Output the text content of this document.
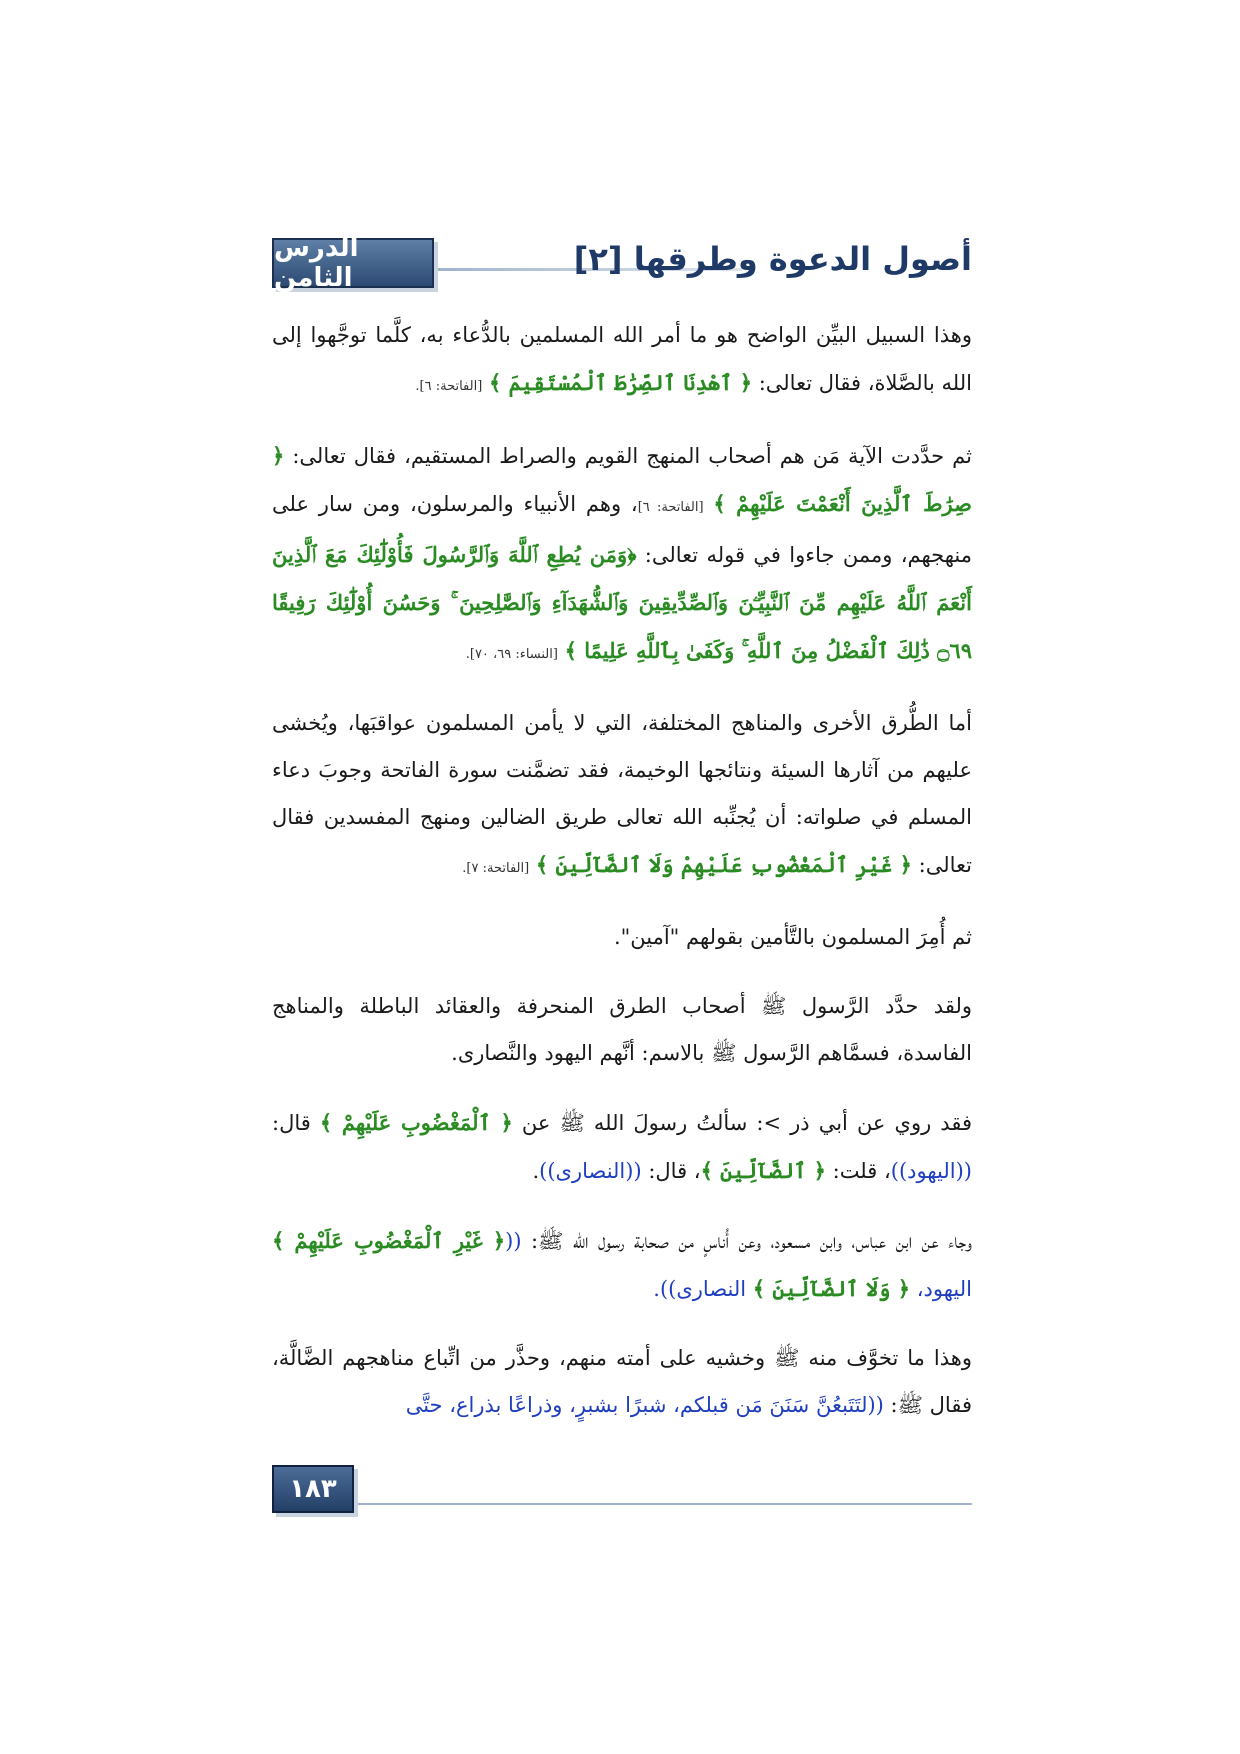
الدرس الثامن	أصول الدعوة وطرقها [٢]

وهذا السبيل البيِّن الواضح هو ما أمر الله المسلمين بالدُّعاء به، كلَّما توجَّهوا إلى الله بالصَّلاة، فقال تعالى: ﴿ ٱهْدِنَا ٱلصِّرَٰطَ ٱلْمُسْتَقِيمَ ﴾ [الفاتحة: ٦].

ثم حدَّدت الآية مَن هم أصحاب المنهج القويم والصراط المستقيم، فقال تعالى: ﴿ صِرَٰطَ ٱلَّذِينَ أَنْعَمْتَ عَلَيْهِمْ ﴾ [الفاتحة: ٦]، وهم الأنبياء والمرسلون، ومن سار على منهجهم، وممن جاءوا في قوله تعالى: ﴿وَمَن يُطِعِ ٱللَّهَ وَٱلرَّسُولَ فَأُوْلَٰٓئِكَ مَعَ ٱلَّذِينَ أَنْعَمَ ٱللَّهُ عَلَيْهِم مِّنَ ٱلنَّبِيِّـۧنَ وَٱلصِّدِّيقِينَ وَٱلشُّهَدَآءِ وَٱلصَّٰلِحِينَ ۚ وَحَسُنَ أُوْلَٰٓئِكَ رَفِيقًا ۝٦٩ ذَٰلِكَ ٱلْفَضْلُ مِنَ ٱللَّهِ ۚ وَكَفَىٰ بِٱللَّهِ عَلِيمًا ﴾ [النساء: ٦٩، ٧٠].

أما الطُّرق الأخرى والمناهج المختلفة، التي لا يأمن المسلمون عواقبَها، ويُخشى عليهم من آثارها السيئة ونتائجها الوخيمة، فقد تضمَّنت سورة الفاتحة وجوبَ دعاء المسلم في صلواته: أن يُجنِّبه الله تعالى طريق الضالين ومنهج المفسدين فقال تعالى: ﴿ غَيْرِ ٱلْمَغْضُوبِ عَلَيْهِمْ وَلَا ٱلضَّآلِّينَ ﴾ [الفاتحة: ٧].

ثم أُمِرَ المسلمون بالتَّأمين بقولهم "آمين".

ولقد حدَّد الرَّسول ﷺ أصحاب الطرق المنحرفة والعقائد الباطلة والمناهج الفاسدة، فسمَّاهم الرَّسول ﷺ بالاسم: أنَّهم اليهود والنَّصارى.

فقد روي عن أبي ذر >: سألتُ رسولَ الله ﷺ عن ﴿ ٱلْمَغْضُوبِ عَلَيْهِمْ ﴾ قال: ((اليهود))، قلت: ﴿ ٱلضَّآلِّينَ ﴾، قال: ((النصارى)).

وجاء عن ابن عباس، وابن مسعود، وعن أُناسٍ من صحابة رسول الله ﷺ: ((﴿ غَيْرِ ٱلْمَغْضُوبِ عَلَيْهِمْ ﴾ اليهود، ﴿ وَلَا ٱلضَّآلِّينَ ﴾ النصارى)).

وهذا ما تخوَّف منه ﷺ وخشيه على أمته منهم، وحذَّر من اتِّباع مناهجهم الضَّالَّة، فقال ﷺ: ((لتَتَبعُنَّ سَنَنَ مَن قبلكم، شبرًا بشبرٍ، وذراعًا بذراع، حتَّى

١٨٣
